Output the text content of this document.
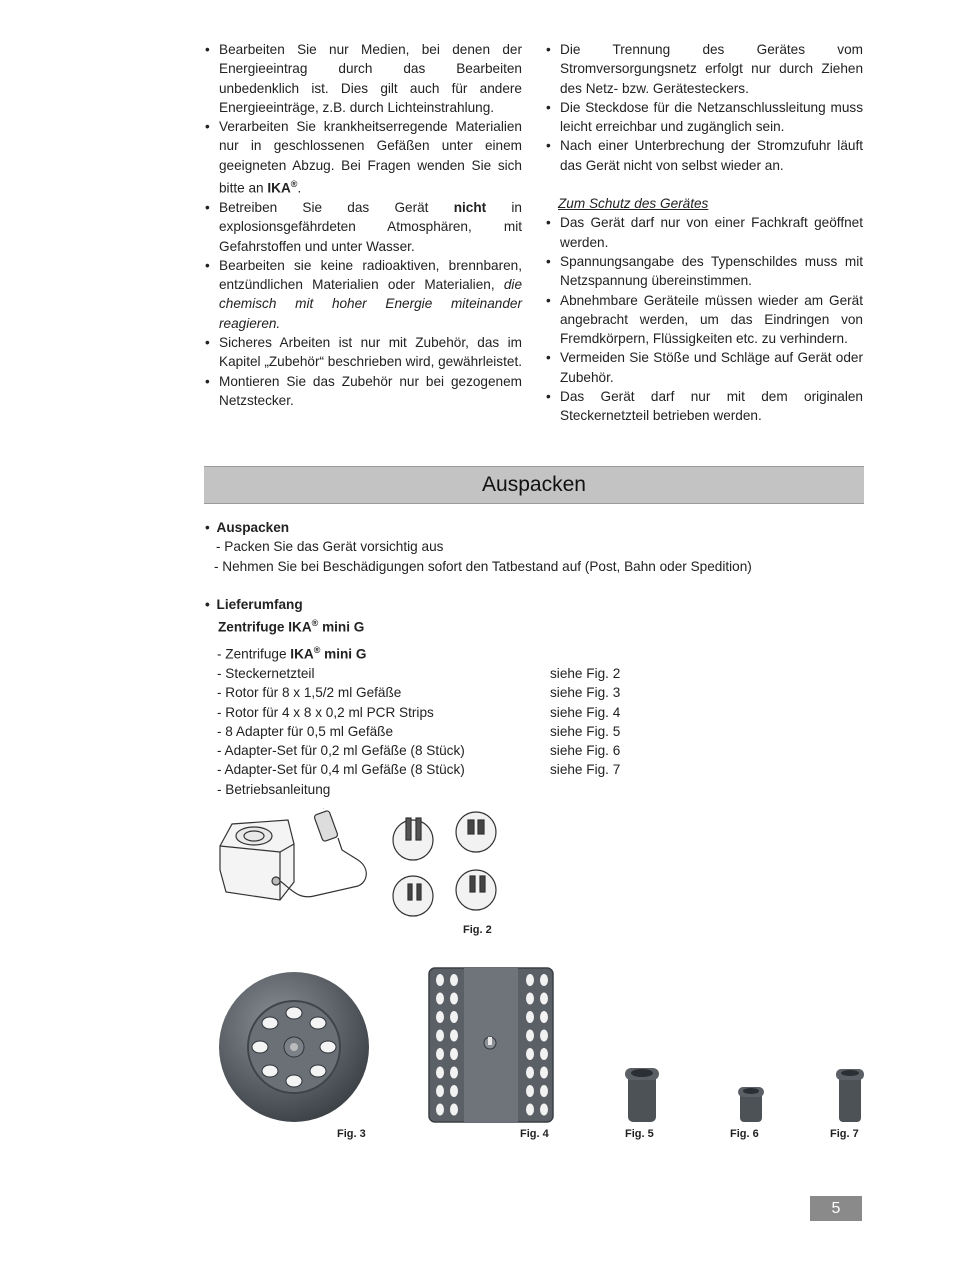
• Bearbeiten Sie nur Medien, bei denen der Energieeintrag durch das Bearbeiten unbedenklich ist. Dies gilt auch für andere Energieeinträge, z.B. durch Lichteinstrahlung.
• Verarbeiten Sie krankheitserregende Materialien nur in geschlossenen Gefäßen unter einem geeigneten Abzug. Bei Fragen wenden Sie sich bitte an IKA®.
• Betreiben Sie das Gerät nicht in explosionsgefährdeten Atmosphären, mit Gefahrstoffen und unter Wasser.
• Bearbeiten sie keine radioaktiven, brennbaren, entzündlichen Materialien oder Materialien, die chemisch mit hoher Energie miteinander reagieren.
• Sicheres Arbeiten ist nur mit Zubehör, das im Kapitel „Zubehör“ beschrieben wird, gewährleistet.
• Montieren Sie das Zubehör nur bei gezogenem Netzstecker.
• Die Trennung des Gerätes vom Stromversorgungsnetz erfolgt nur durch Ziehen des Netz- bzw. Gerätesteckers.
• Die Steckdose für die Netzanschlussleitung muss leicht erreichbar und zugänglich sein.
• Nach einer Unterbrechung der Stromzufuhr läuft das Gerät nicht von selbst wieder an.
Zum Schutz des Gerätes
• Das Gerät darf nur von einer Fachkraft geöffnet werden.
• Spannungsangabe des Typenschildes muss mit Netzspannung übereinstimmen.
• Abnehmbare Geräteile müssen wieder am Gerät angebracht werden, um das Eindringen von Fremdkörpern, Flüssigkeiten etc. zu verhindern.
• Vermeiden Sie Stöße und Schläge auf Gerät oder Zubehör.
• Das Gerät darf nur mit dem originalen Steckernetzteil betrieben werden.
Auspacken
• Auspacken
- Packen Sie das Gerät vorsichtig aus
- Nehmen Sie bei Beschädigungen sofort den Tatbestand auf (Post, Bahn oder Spedition)
• Lieferumfang
Zentrifuge IKA® mini G
- Zentrifuge IKA® mini G
- Steckernetzteil	siehe Fig. 2
- Rotor für 8 x 1,5/2 ml Gefäße	siehe Fig. 3
- Rotor für 4 x 8 x 0,2 ml PCR Strips	siehe Fig. 4
- 8 Adapter für 0,5 ml Gefäße	siehe Fig. 5
- Adapter-Set für 0,2 ml Gefäße (8 Stück)	siehe Fig. 6
- Adapter-Set für 0,4 ml Gefäße (8 Stück)	siehe Fig. 7
- Betriebsanleitung
Fig. 2
Fig. 3	Fig. 4	Fig. 5	Fig. 6	Fig. 7
5
